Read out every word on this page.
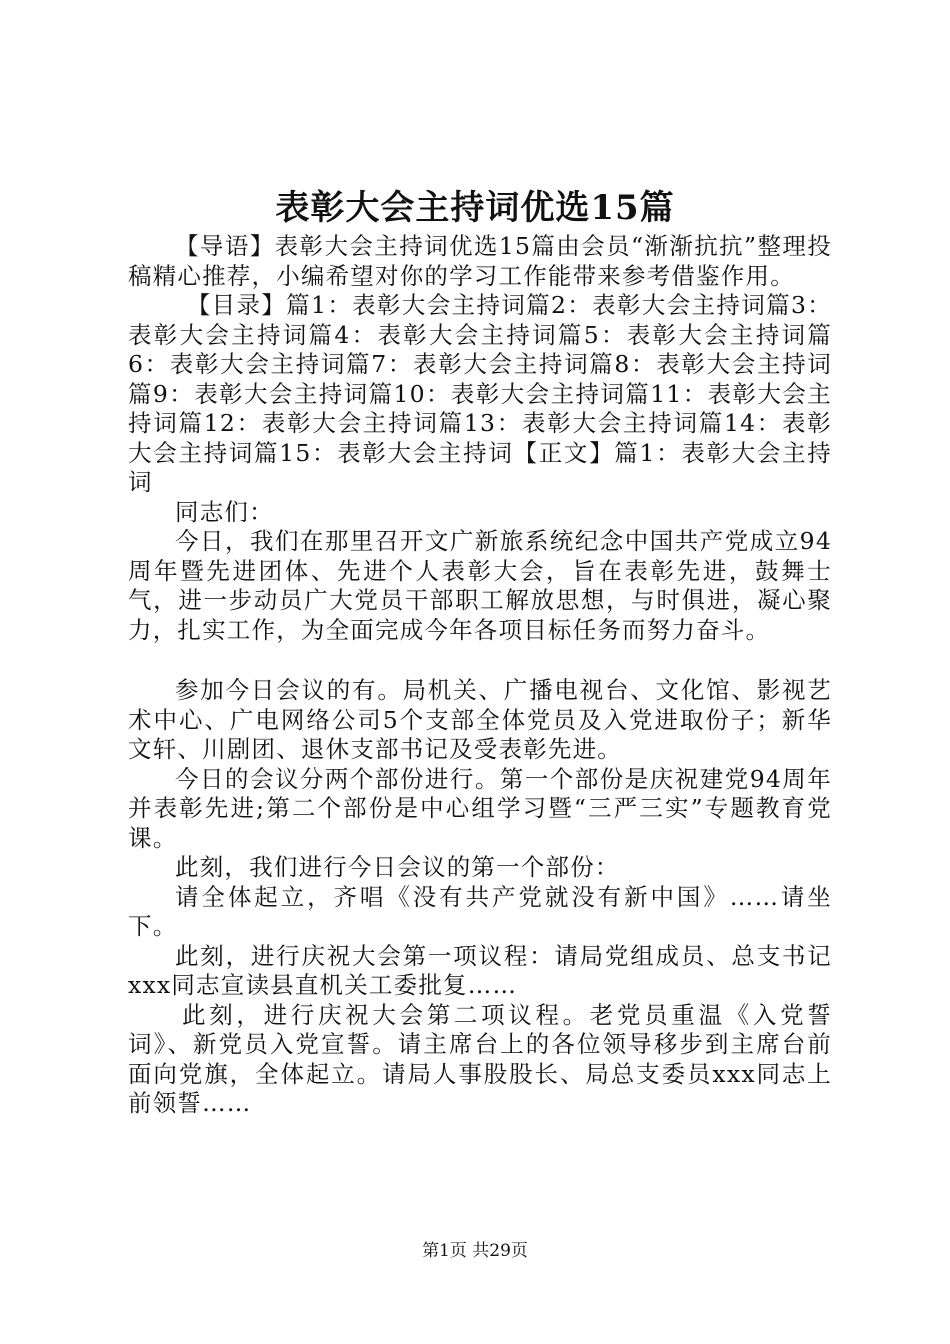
表彰大会主持词优选15篇

【导语】表彰大会主持词优选15篇由会员“渐渐抗抗”整理投稿精心推荐，小编希望对你的学习工作能带来参考借鉴作用。

【目录】篇1：表彰大会主持词篇2：表彰大会主持词篇3：表彰大会主持词篇4：表彰大会主持词篇5：表彰大会主持词篇6：表彰大会主持词篇7：表彰大会主持词篇8：表彰大会主持词篇9：表彰大会主持词篇10：表彰大会主持词篇11：表彰大会主持词篇12：表彰大会主持词篇13：表彰大会主持词篇14：表彰大会主持词篇15：表彰大会主持词【正文】篇1：表彰大会主持词

同志们：

今日，我们在那里召开文广新旅系统纪念中国共产党成立94周年暨先进团体、先进个人表彰大会，旨在表彰先进，鼓舞士气，进一步动员广大党员干部职工解放思想，与时俱进，凝心聚力，扎实工作，为全面完成今年各项目标任务而努力奋斗。

参加今日会议的有。局机关、广播电视台、文化馆、影视艺术中心、广电网络公司5个支部全体党员及入党进取份子；新华文轩、川剧团、退休支部书记及受表彰先进。

今日的会议分两个部份进行。第一个部份是庆祝建党94周年并表彰先进;第二个部份是中心组学习暨“三严三实”专题教育党课。

此刻，我们进行今日会议的第一个部份：

请全体起立，齐唱《没有共产党就没有新中国》……请坐下。

此刻，进行庆祝大会第一项议程：请局党组成员、总支书记xxx同志宣读县直机关工委批复……

此刻，进行庆祝大会第二项议程。老党员重温《入党誓词》、新党员入党宣誓。请主席台上的各位领导移步到主席台前面向党旗，全体起立。请局人事股股长、局总支委员xxx同志上前领誓……

第1页 共29页
